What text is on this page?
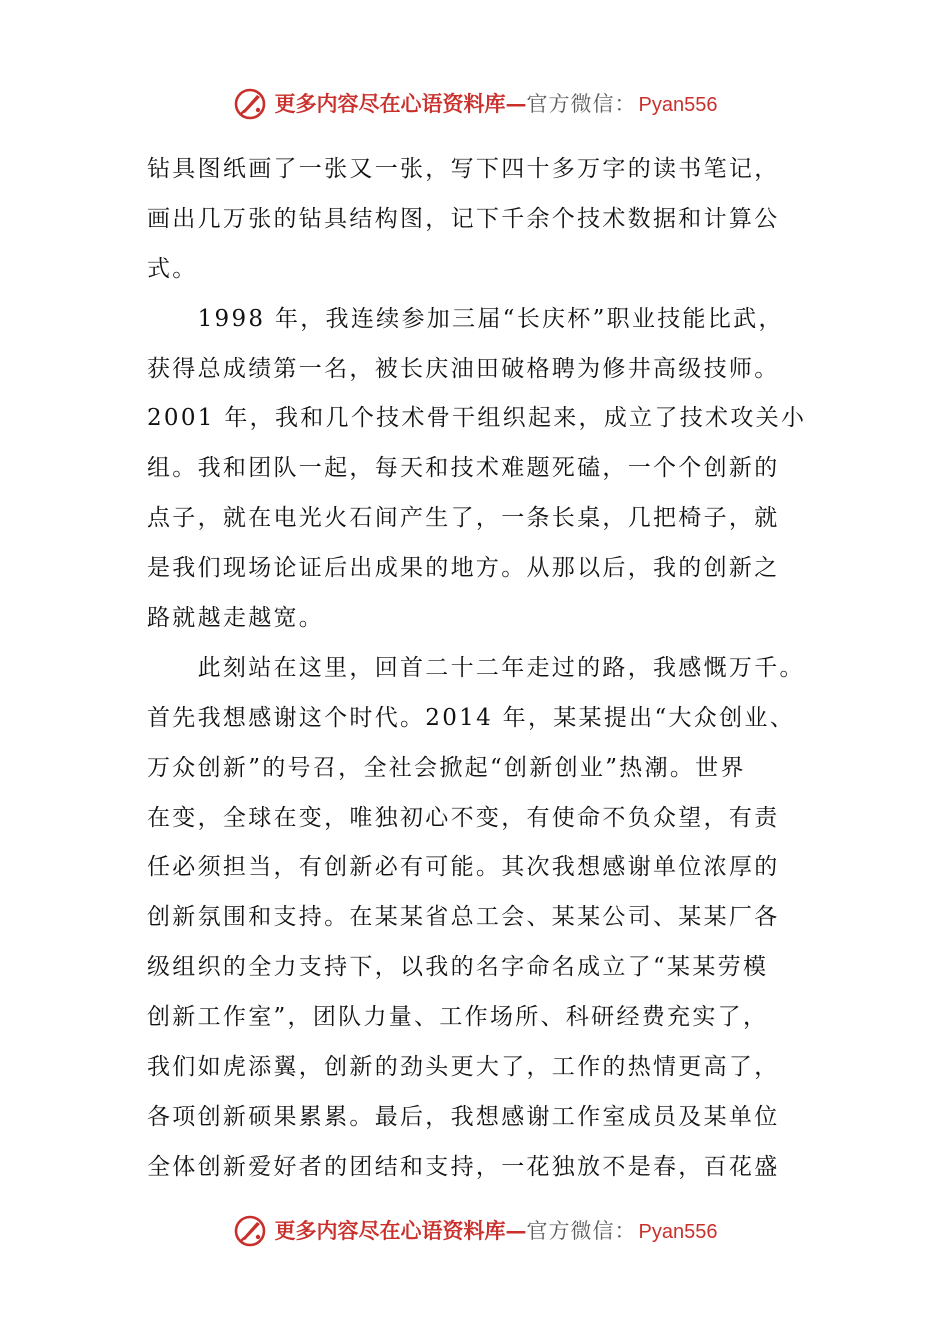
更多内容尽在心语资料库 — 官方微信： Pyan556

钻具图纸画了一张又一张，写下四十多万字的读书笔记，
画出几万张的钻具结构图，记下千余个技术数据和计算公
式。

　　1998 年，我连续参加三届“长庆杯”职业技能比武，
获得总成绩第一名，被长庆油田破格聘为修井高级技师。
2001 年，我和几个技术骨干组织起来，成立了技术攻关小
组。我和团队一起，每天和技术难题死磕，一个个创新的
点子，就在电光火石间产生了，一条长桌，几把椅子，就
是我们现场论证后出成果的地方。从那以后，我的创新之
路就越走越宽。

　　此刻站在这里，回首二十二年走过的路，我感慨万千。
首先我想感谢这个时代。2014 年，某某提出“大众创业、
万众创新”的号召，全社会掀起“创新创业”热潮。世界
在变，全球在变，唯独初心不变，有使命不负众望，有责
任必须担当，有创新必有可能。其次我想感谢单位浓厚的
创新氛围和支持。在某某省总工会、某某公司、某某厂各
级组织的全力支持下，以我的名字命名成立了“某某劳模
创新工作室”，团队力量、工作场所、科研经费充实了，
我们如虎添翼，创新的劲头更大了，工作的热情更高了，
各项创新硕果累累。最后，我想感谢工作室成员及某单位
全体创新爱好者的团结和支持，一花独放不是春，百花盛

更多内容尽在心语资料库 — 官方微信： Pyan556
